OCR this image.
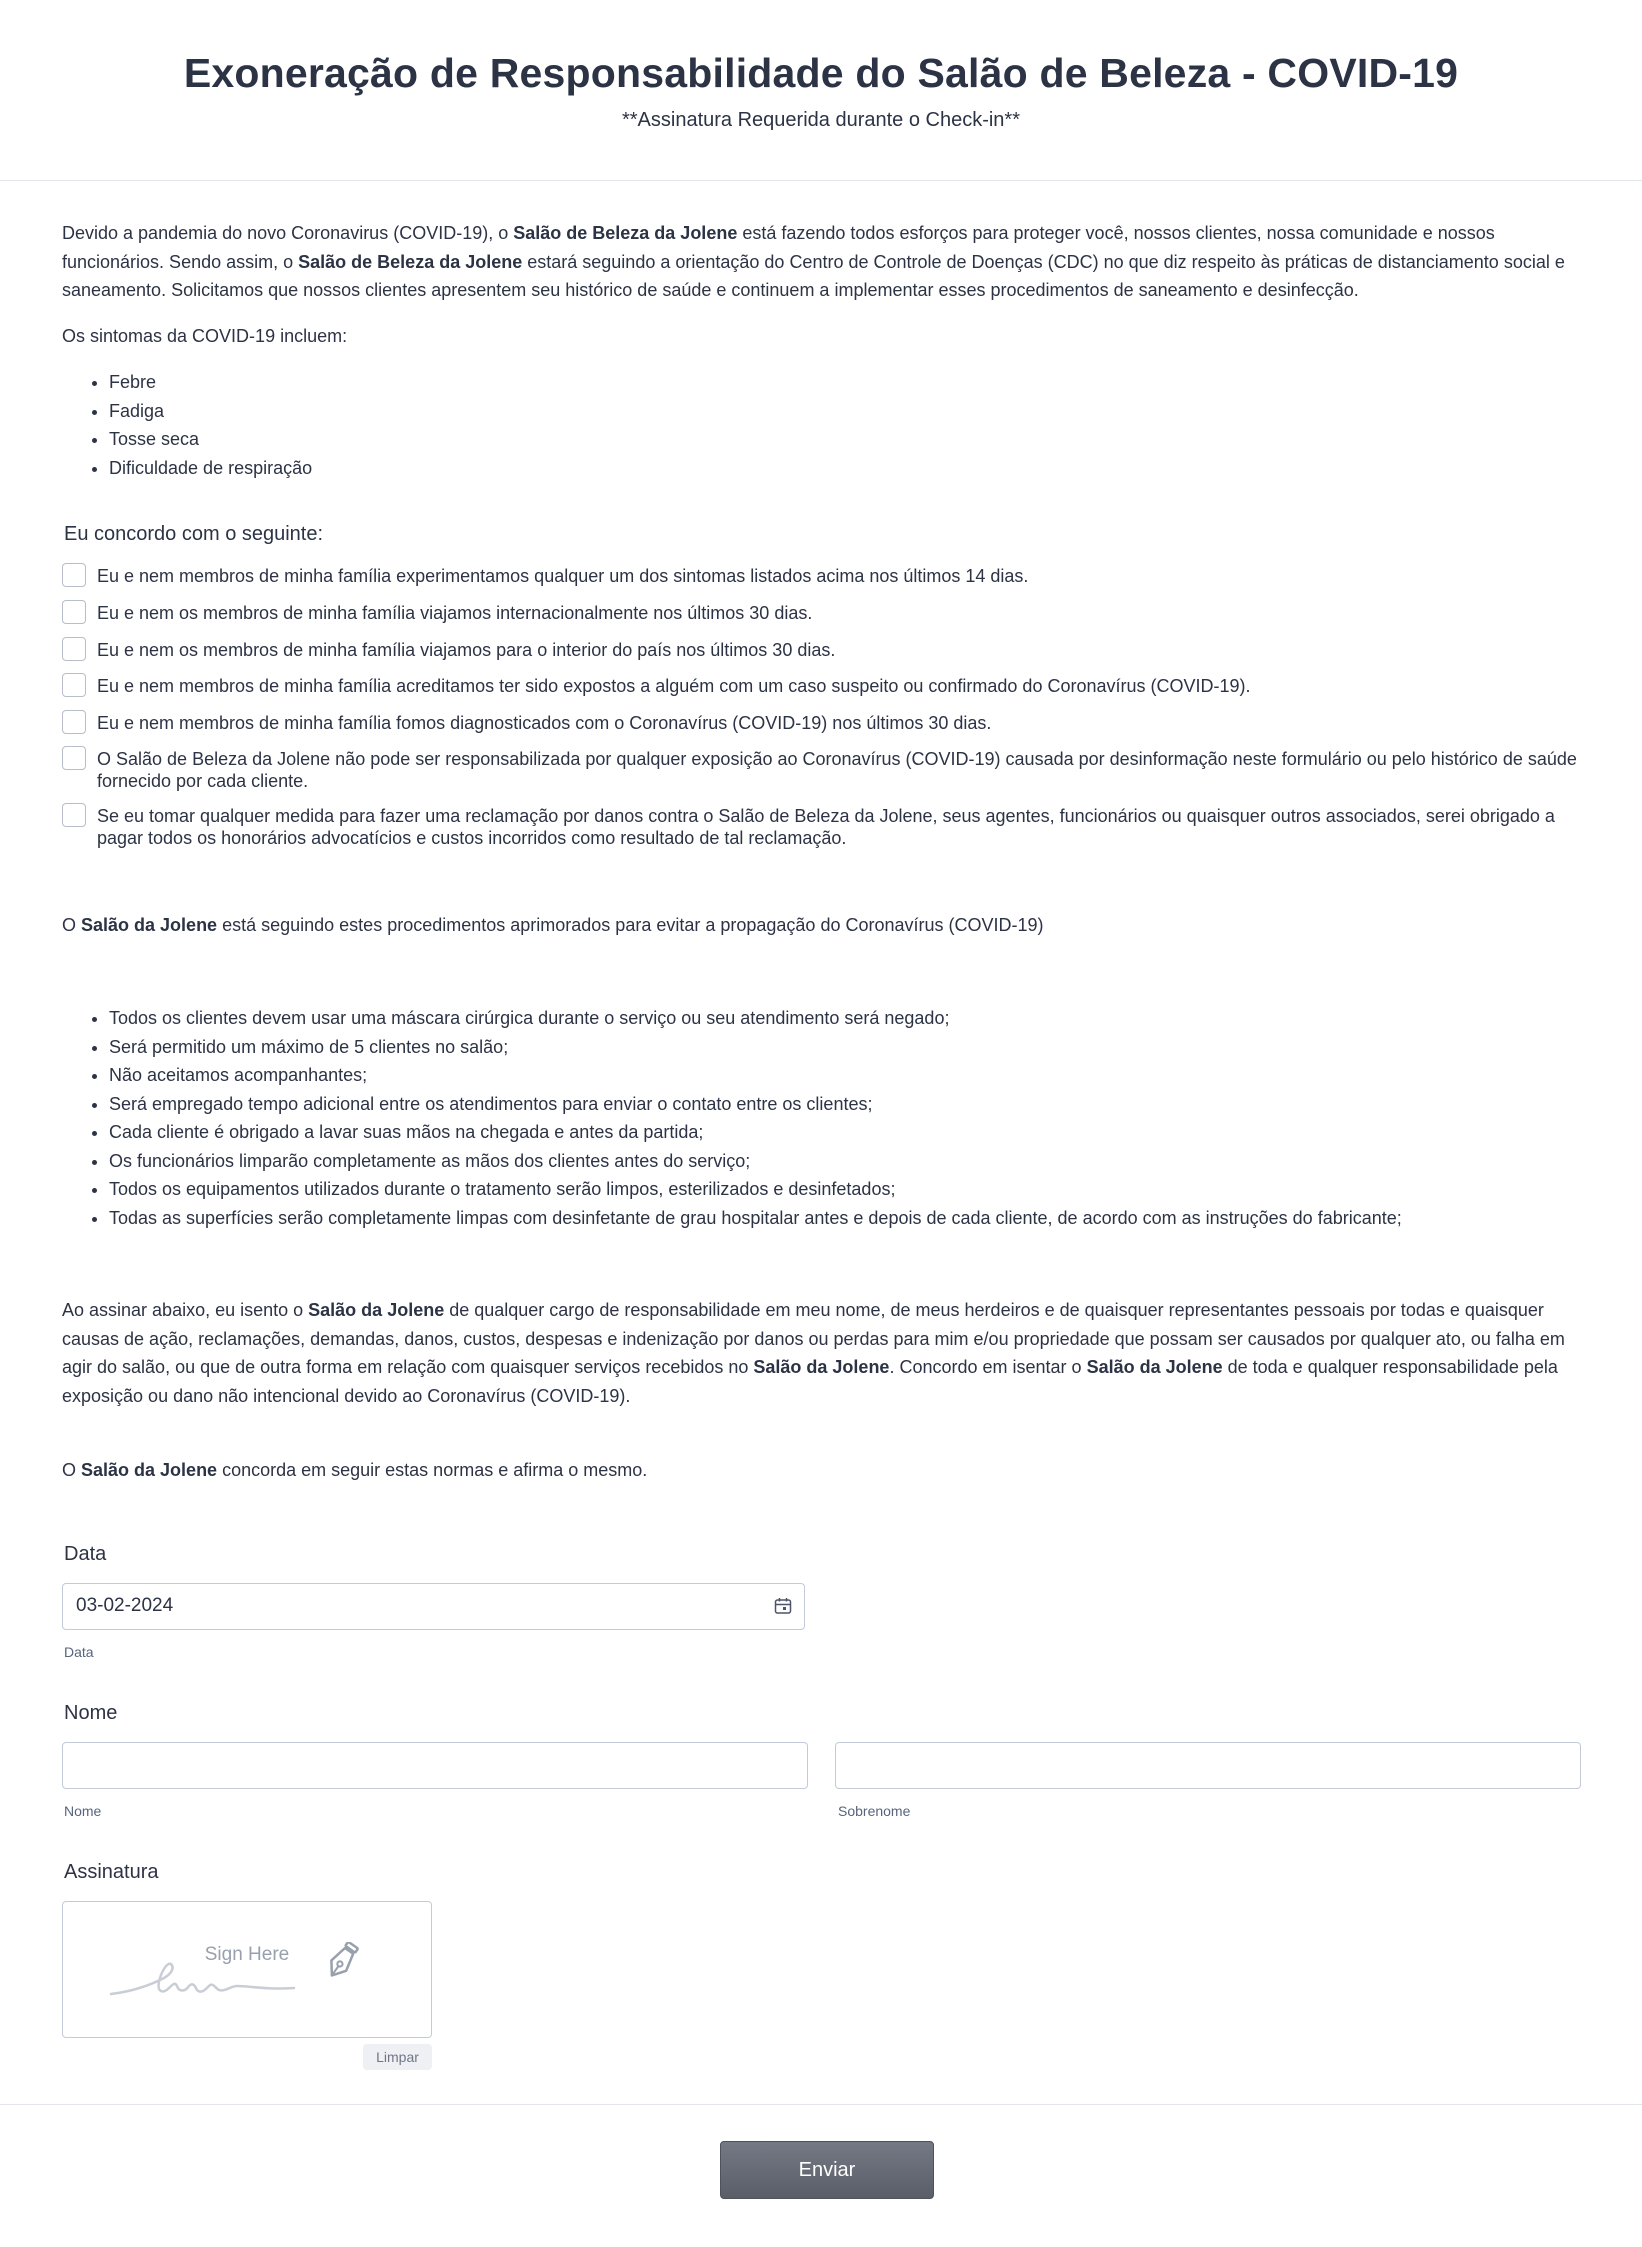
Exoneração de Responsabilidade do Salão de Beleza - COVID-19
**Assinatura Requerida durante o Check-in**
Devido a pandemia do novo Coronavirus (COVID-19), o Salão de Beleza da Jolene está fazendo todos esforços para proteger você, nossos clientes, nossa comunidade e nossos funcionários. Sendo assim, o Salão de Beleza da Jolene estará seguindo a orientação do Centro de Controle de Doenças (CDC) no que diz respeito às práticas de distanciamento social e saneamento. Solicitamos que nossos clientes apresentem seu histórico de saúde e continuem a implementar esses procedimentos de saneamento e desinfecção.
Os sintomas da COVID-19 incluem:
• Febre
• Fadiga
• Tosse seca
• Dificuldade de respiração
Eu concordo com o seguinte:
Eu e nem membros de minha família experimentamos qualquer um dos sintomas listados acima nos últimos 14 dias.
Eu e nem os membros de minha família viajamos internacionalmente nos últimos 30 dias.
Eu e nem os membros de minha família viajamos para o interior do país nos últimos 30 dias.
Eu e nem membros de minha família acreditamos ter sido expostos a alguém com um caso suspeito ou confirmado do Coronavírus (COVID-19).
Eu e nem membros de minha família fomos diagnosticados com o Coronavírus (COVID-19) nos últimos 30 dias.
O Salão de Beleza da Jolene não pode ser responsabilizada por qualquer exposição ao Coronavírus (COVID-19) causada por desinformação neste formulário ou pelo histórico de saúde fornecido por cada cliente.
Se eu tomar qualquer medida para fazer uma reclamação por danos contra o Salão de Beleza da Jolene, seus agentes, funcionários ou quaisquer outros associados, serei obrigado a pagar todos os honorários advocatícios e custos incorridos como resultado de tal reclamação.
O Salão da Jolene está seguindo estes procedimentos aprimorados para evitar a propagação do Coronavírus (COVID-19)
• Todos os clientes devem usar uma máscara cirúrgica durante o serviço ou seu atendimento será negado;
• Será permitido um máximo de 5 clientes no salão;
• Não aceitamos acompanhantes;
• Será empregado tempo adicional entre os atendimentos para enviar o contato entre os clientes;
• Cada cliente é obrigado a lavar suas mãos na chegada e antes da partida;
• Os funcionários limparão completamente as mãos dos clientes antes do serviço;
• Todos os equipamentos utilizados durante o tratamento serão limpos, esterilizados e desinfetados;
• Todas as superfícies serão completamente limpas com desinfetante de grau hospitalar antes e depois de cada cliente, de acordo com as instruções do fabricante;
Ao assinar abaixo, eu isento o Salão da Jolene de qualquer cargo de responsabilidade em meu nome, de meus herdeiros e de quaisquer representantes pessoais por todas e quaisquer causas de ação, reclamações, demandas, danos, custos, despesas e indenização por danos ou perdas para mim e/ou propriedade que possam ser causados por qualquer ato, ou falha em agir do salão, ou que de outra forma em relação com quaisquer serviços recebidos no Salão da Jolene. Concordo em isentar o Salão da Jolene de toda e qualquer responsabilidade pela exposição ou dano não intencional devido ao Coronavírus (COVID-19).
O Salão da Jolene concorda em seguir estas normas e afirma o mesmo.
Data
03-02-2024
Data
Nome
Nome	Sobrenome
Assinatura
Sign Here
Limpar
Enviar
